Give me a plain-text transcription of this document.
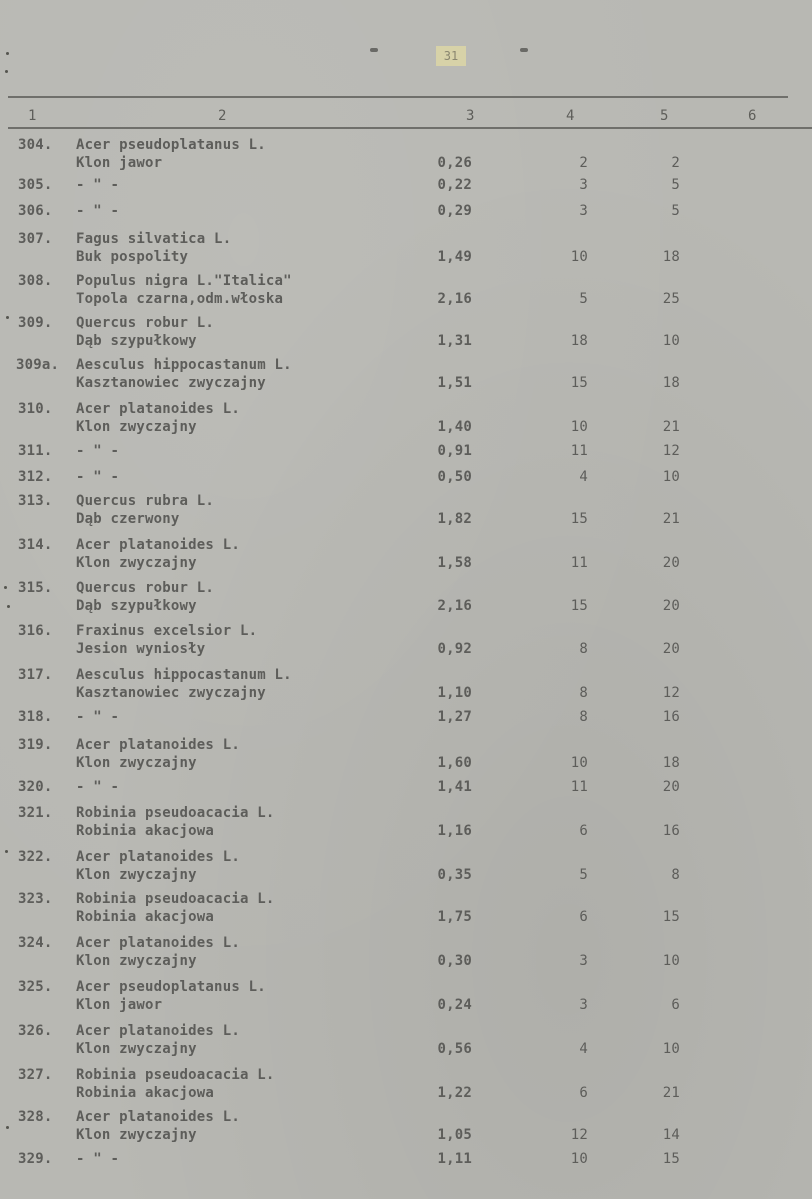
31
1	2	3	4	5	6
304. Acer pseudoplatanus L.
Klon jawor	0,26	2	2
305. - " -	0,22	3	5
306. - " -	0,29	3	5
307. Fagus silvatica L.
Buk pospolity	1,49	10	18
308. Populus nigra L."Italica"
Topola czarna,odm.włoska	2,16	5	25
309. Quercus robur L.
Dąb szypułkowy	1,31	18	10
309a. Aesculus hippocastanum L.
Kasztanowiec zwyczajny	1,51	15	18
310. Acer platanoides L.
Klon zwyczajny	1,40	10	21
311. - " -	0,91	11	12
312. - " -	0,50	4	10
313. Quercus rubra L.
Dąb czerwony	1,82	15	21
314. Acer platanoides L.
Klon zwyczajny	1,58	11	20
315. Quercus robur L.
Dąb szypułkowy	2,16	15	20
316. Fraxinus excelsior L.
Jesion wyniosły	0,92	8	20
317. Aesculus hippocastanum L.
Kasztanowiec zwyczajny	1,10	8	12
318. - " -	1,27	8	16
319. Acer platanoides L.
Klon zwyczajny	1,60	10	18
320. - " -	1,41	11	20
321. Robinia pseudoacacia L.
Robinia akacjowa	1,16	6	16
322. Acer platanoides L.
Klon zwyczajny	0,35	5	8
323. Robinia pseudoacacia L.
Robinia akacjowa	1,75	6	15
324. Acer platanoides L.
Klon zwyczajny	0,30	3	10
325. Acer pseudoplatanus L.
Klon jawor	0,24	3	6
326. Acer platanoides L.
Klon zwyczajny	0,56	4	10
327. Robinia pseudoacacia L.
Robinia akacjowa	1,22	6	21
328. Acer platanoides L.
Klon zwyczajny	1,05	12	14
329. - " -	1,11	10	15
